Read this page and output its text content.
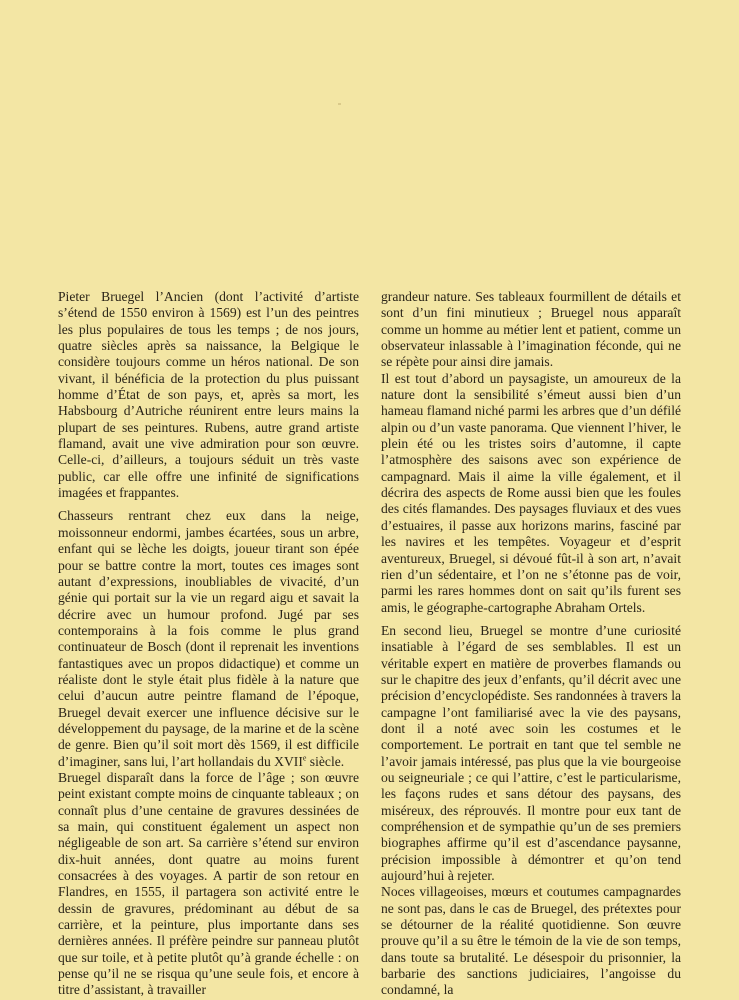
Pieter Bruegel l’Ancien (dont l’activité d’artiste s’étend de 1550 environ à 1569) est l’un des peintres les plus populaires de tous les temps ; de nos jours, quatre siècles après sa naissance, la Belgique le considère toujours comme un héros national. De son vivant, il bénéficia de la protection du plus puissant homme d’État de son pays, et, après sa mort, les Habsbourg d’Autriche réunirent entre leurs mains la plupart de ses peintures. Rubens, autre grand artiste flamand, avait une vive admiration pour son œuvre. Celle-ci, d’ailleurs, a toujours séduit un très vaste public, car elle offre une infinité de significations imagées et frappantes.

Chasseurs rentrant chez eux dans la neige, moissonneur endormi, jambes écartées, sous un arbre, enfant qui se lèche les doigts, joueur tirant son épée pour se battre contre la mort, toutes ces images sont autant d’expressions, inoubliables de vivacité, d’un génie qui portait sur la vie un regard aigu et savait la décrire avec un humour profond. Jugé par ses contemporains à la fois comme le plus grand continuateur de Bosch (dont il reprenait les inventions fantastiques avec un propos didactique) et comme un réaliste dont le style était plus fidèle à la nature que celui d’aucun autre peintre flamand de l’époque, Bruegel devait exercer une influence décisive sur le développement du paysage, de la marine et de la scène de genre. Bien qu’il soit mort dès 1569, il est difficile d’imaginer, sans lui, l’art hollandais du XVIIe siècle.

Bruegel disparaît dans la force de l’âge ; son œuvre peint existant compte moins de cinquante tableaux ; on connaît plus d’une centaine de gravures dessinées de sa main, qui constituent également un aspect non négligeable de son art. Sa carrière s’étend sur environ dix-huit années, dont quatre au moins furent consacrées à des voyages. A partir de son retour en Flandres, en 1555, il partagera son activité entre le dessin de gravures, prédominant au début de sa carrière, et la peinture, plus importante dans ses dernières années. Il préfère peindre sur panneau plutôt que sur toile, et à petite plutôt qu’à grande échelle : on pense qu’il ne se risqua qu’une seule fois, et encore à titre d’assistant, à travailler

grandeur nature. Ses tableaux fourmillent de détails et sont d’un fini minutieux ; Bruegel nous apparaît comme un homme au métier lent et patient, comme un observateur inlassable à l’imagination féconde, qui ne se répète pour ainsi dire jamais.

Il est tout d’abord un paysagiste, un amoureux de la nature dont la sensibilité s’émeut aussi bien d’un hameau flamand niché parmi les arbres que d’un défilé alpin ou d’un vaste panorama. Que viennent l’hiver, le plein été ou les tristes soirs d’automne, il capte l’atmosphère des saisons avec son expérience de campagnard. Mais il aime la ville également, et il décrira des aspects de Rome aussi bien que les foules des cités flamandes. Des paysages fluviaux et des vues d’estuaires, il passe aux horizons marins, fasciné par les navires et les tempêtes. Voyageur et d’esprit aventureux, Bruegel, si dévoué fût-il à son art, n’avait rien d’un sédentaire, et l’on ne s’étonne pas de voir, parmi les rares hommes dont on sait qu’ils furent ses amis, le géographe-cartographe Abraham Ortels.

En second lieu, Bruegel se montre d’une curiosité insatiable à l’égard de ses semblables. Il est un véritable expert en matière de proverbes flamands ou sur le chapitre des jeux d’enfants, qu’il décrit avec une précision d’encyclopédiste. Ses randonnées à travers la campagne l’ont familiarisé avec la vie des paysans, dont il a noté avec soin les costumes et le comportement. Le portrait en tant que tel semble ne l’avoir jamais intéressé, pas plus que la vie bourgeoise ou seigneuriale ; ce qui l’attire, c’est le particularisme, les façons rudes et sans détour des paysans, des miséreux, des réprouvés. Il montre pour eux tant de compréhension et de sympathie qu’un de ses premiers biographes affirme qu’il est d’ascendance paysanne, précision impossible à démontrer et qu’on tend aujourd’hui à rejeter.

Noces villageoises, mœurs et coutumes campagnardes ne sont pas, dans le cas de Bruegel, des prétextes pour se détourner de la réalité quotidienne. Son œuvre prouve qu’il a su être le témoin de la vie de son temps, dans toute sa brutalité. Le désespoir du prisonnier, la barbarie des sanctions judiciaires, l’angoisse du condamné, la
